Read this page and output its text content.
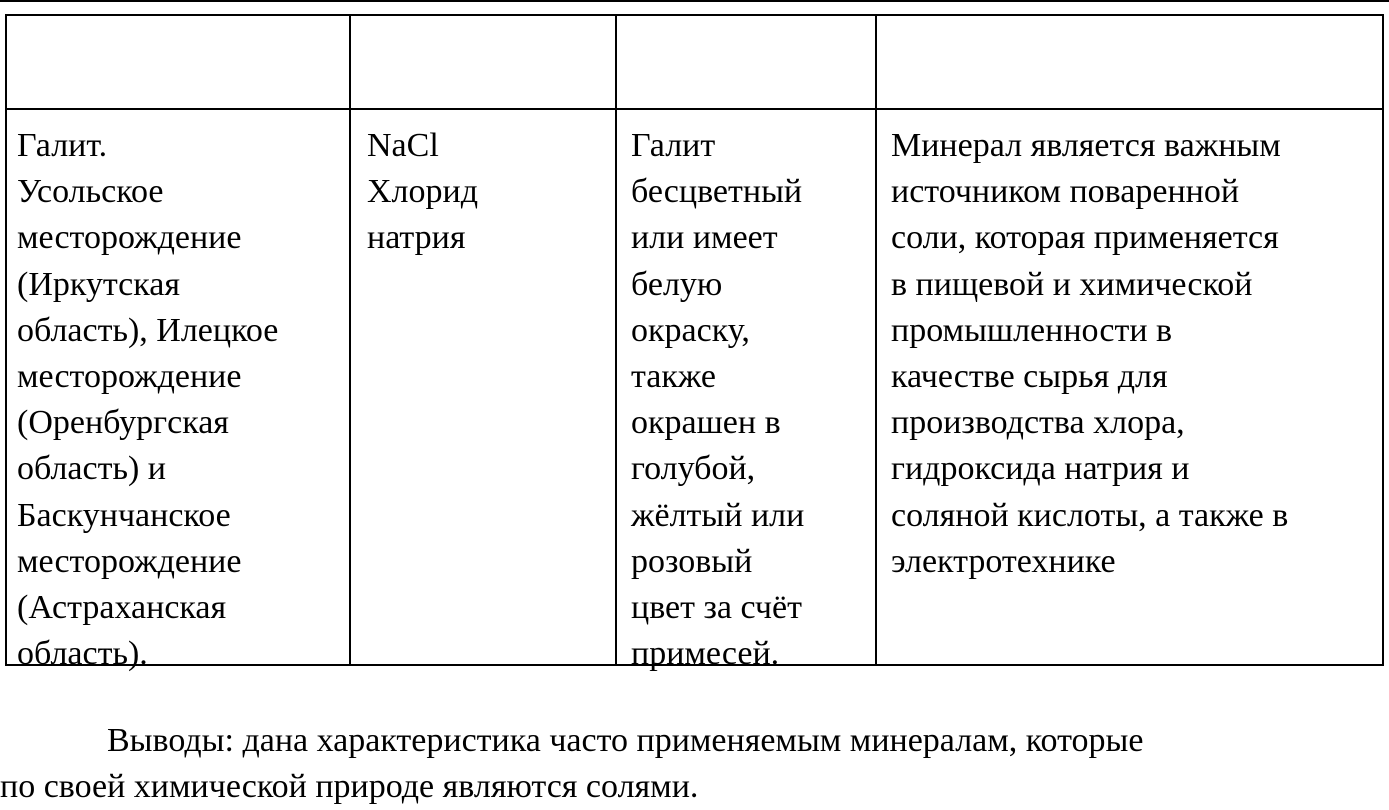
Галит.
Усольское
месторождение
(Иркутская
область), Илецкое
месторождение
(Оренбургская
область) и
Баскунчанское
месторождение
(Астраханская
область).
NaCl
Хлорид
натрия
Галит
бесцветный
или имеет
белую
окраску,
также
окрашен в
голубой,
жёлтый или
розовый
цвет за счёт
примесей.
Минерал является важным
источником поваренной
соли, которая применяется
в пищевой и химической
промышленности в
качестве сырья для
производства хлора,
гидроксида натрия и
соляной кислоты, а также в
электротехнике
Выводы: дана характеристика часто применяемым минералам, которые
по своей химической природе являются солями.
